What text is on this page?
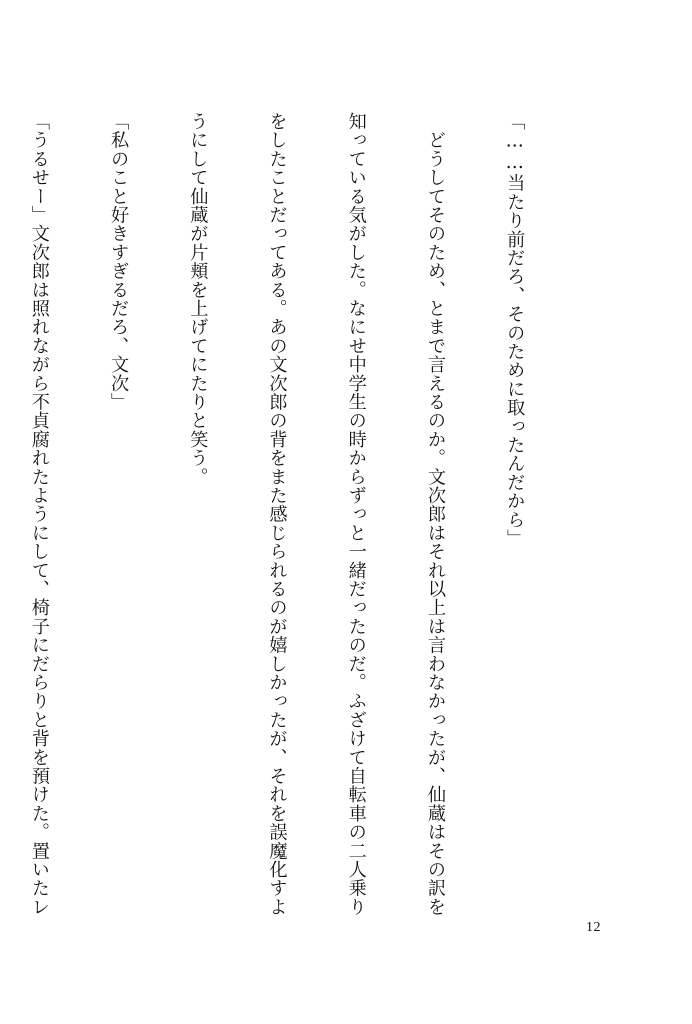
「……当たり前だろ、そのために取ったんだから」

　どうしてそのため、とまで言えるのか。文次郎はそれ以上は言わなかったが、仙蔵はその訳を

知っている気がした。なにせ中学生の時からずっと一緒だったのだ。ふざけて自転車の二人乗り

をしたことだってある。あの文次郎の背をまた感じられるのが嬉しかったが、それを誤魔化すよ

うにして仙蔵が片頬を上げてにたりと笑う。

「私のこと好きすぎるだろ、文次」

「うるせー」文次郎は照れながら不貞腐れたようにして、椅子にだらりと背を預けた。置いたレ

12
